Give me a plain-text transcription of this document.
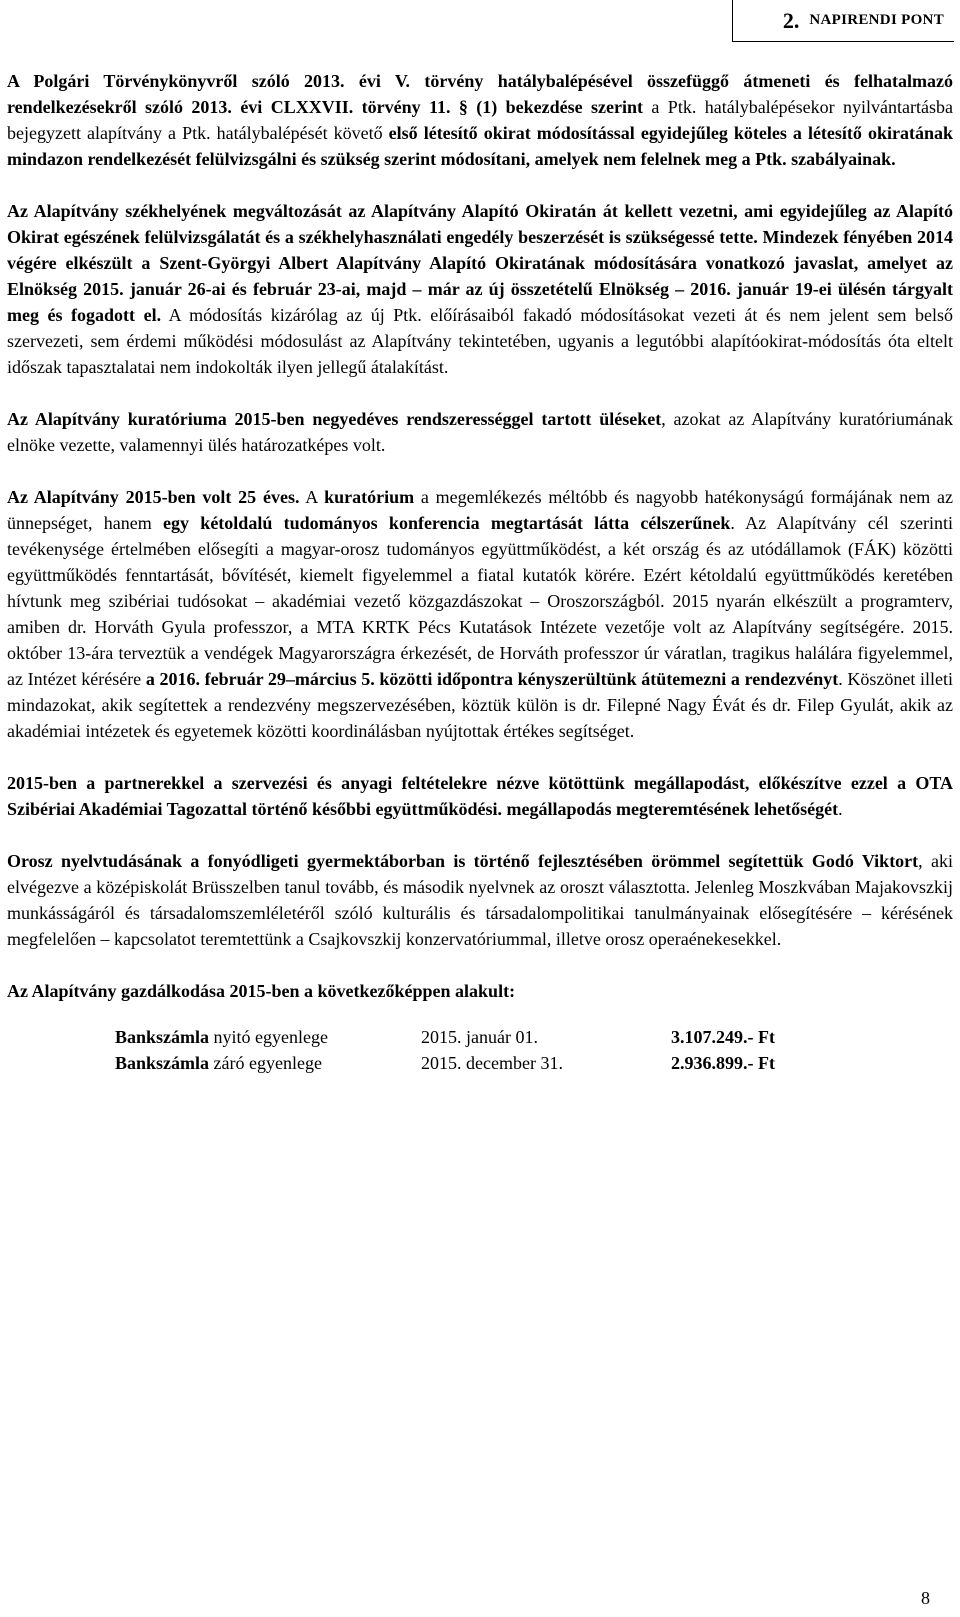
2. NAPIRENDI PONT

A Polgári Törvénykönyvről szóló 2013. évi V. törvény hatálybalépésével összefüggő átmeneti és felhatalmazó rendelkezésekről szóló 2013. évi CLXXVII. törvény 11. § (1) bekezdése szerint a Ptk. hatálybalépésekor nyilvántartásba bejegyzett alapítvány a Ptk. hatálybalépését követő első létesítő okirat módosítással egyidejűleg köteles a létesítő okiratának mindazon rendelkezését felülvizsgálni és szükség szerint módosítani, amelyek nem felelnek meg a Ptk. szabályainak.

Az Alapítvány székhelyének megváltozását az Alapítvány Alapító Okiratán át kellett vezetni, ami egyidejűleg az Alapító Okirat egészének felülvizsgálatát és a székhelyhasználati engedély beszerzését is szükségessé tette. Mindezek fényében 2014 végére elkészült a Szent-Györgyi Albert Alapítvány Alapító Okiratának módosítására vonatkozó javaslat, amelyet az Elnökség 2015. január 26-ai és február 23-ai, majd – már az új összetételű Elnökség – 2016. január 19-ei ülésén tárgyalt meg és fogadott el. A módosítás kizárólag az új Ptk. előírásaiból fakadó módosításokat vezeti át és nem jelent sem belső szervezeti, sem érdemi működési módosulást az Alapítvány tekintetében, ugyanis a legutóbbi alapítóokirat-módosítás óta eltelt időszak tapasztalatai nem indokolták ilyen jellegű átalakítást.

Az Alapítvány kuratóriuma 2015-ben negyedéves rendszerességgel tartott üléseket, azokat az Alapítvány kuratóriumának elnöke vezette, valamennyi ülés határozatképes volt.

Az Alapítvány 2015-ben volt 25 éves. A kuratórium a megemlékezés méltóbb és nagyobb hatékonyságú formájának nem az ünnepséget, hanem egy kétoldalú tudományos konferencia megtartását látta célszerűnek. Az Alapítvány cél szerinti tevékenysége értelmében elősegíti a magyar-orosz tudományos együttműködést, a két ország és az utódállamok (FÁK) közötti együttműködés fenntartását, bővítését, kiemelt figyelemmel a fiatal kutatók körére. Ezért kétoldalú együttműködés keretében hívtunk meg szibériai tudósokat – akadémiai vezető közgazdászokat – Oroszországból. 2015 nyarán elkészült a programterv, amiben dr. Horváth Gyula professzor, a MTA KRTK Pécs Kutatások Intézete vezetője volt az Alapítvány segítségére. 2015. október 13-ára terveztük a vendégek Magyarországra érkezését, de Horváth professzor úr váratlan, tragikus halálára figyelemmel, az Intézet kérésére a 2016. február 29–március 5. közötti időpontra kényszerültünk átütemezni a rendezvényt. Köszönet illeti mindazokat, akik segítettek a rendezvény megszervezésében, köztük külön is dr. Filepné Nagy Évát és dr. Filep Gyulát, akik az akadémiai intézetek és egyetemek közötti koordinálásban nyújtottak értékes segítséget.

2015-ben a partnerekkel a szervezési és anyagi feltételekre nézve kötöttünk megállapodást, előkészítve ezzel a OTA Szibériai Akadémiai Tagozattal történő későbbi együttműködési. megállapodás megteremtésének lehetőségét.

Orosz nyelvtudásának a fonyódligeti gyermektáborban is történő fejlesztésében örömmel segítettük Godó Viktort, aki elvégezve a középiskolát Brüsszelben tanul tovább, és második nyelvnek az oroszt választotta. Jelenleg Moszkvában Majakovszkij munkásságáról és társadalomszemléletéről szóló kulturális és társadalompolitikai tanulmányainak elősegítésére – kérésének megfelelően – kapcsolatot teremtettünk a Csajkovszkij konzervatóriummal, illetve orosz operaénekesekkel.

Az Alapítvány gazdálkodása 2015-ben a következőképpen alakult:

Bankszámla nyitó egyenlege	2015. január 01.	3.107.249.- Ft
Bankszámla záró egyenlege	2015. december 31.	2.936.899.- Ft
8
